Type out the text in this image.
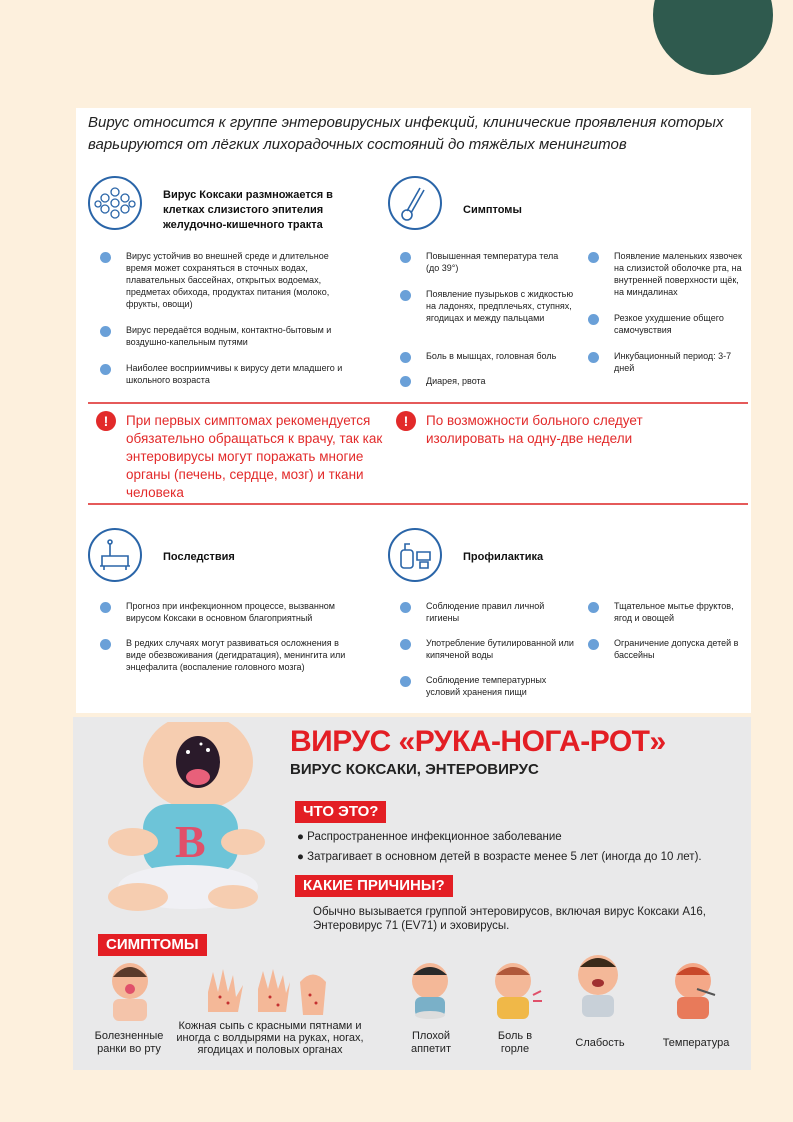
Вирус относится к группе энтеровирусных инфекций, клинические проявления которых варьируются от лёгких лихорадочных состояний до тяжёлых менингитов
Вирус Коксаки размножается в клетках слизистого эпителия желудочно-кишечного тракта
Вирус устойчив во внешней среде и длительное время может сохраняться в сточных водах, плавательных бассейнах, открытых водоемах, предметах обихода, продуктах питания (молоко, фрукты, овощи)
Вирус передаётся водным, контактно-бытовым и воздушно-капельным путями
Наиболее восприимчивы к вирусу дети младшего и школьного возраста
Симптомы
Повышенная температура тела (до 39°)
Появление пузырьков с жидкостью на ладонях, предплечьях, ступнях, ягодицах и между пальцами
Боль в мышцах, головная боль
Диарея, рвота
Появление маленьких язвочек на слизистой оболочке рта, на внутренней поверхности щёк, на миндалинах
Резкое ухудшение общего самочувствия
Инкубационный период: 3-7 дней
!	При первых симптомах рекомендуется обязательно обращаться к врачу, так как энтеровирусы могут поражать многие органы (печень, сердце, мозг) и ткани человека
!	По возможности больного следует изолировать на одну-две недели
Последствия
Прогноз при инфекционном процессе, вызванном вирусом Коксаки в основном благоприятный
В редких случаях могут развиваться осложнения в виде обезвоживания (дегидратация), менингита или энцефалита (воспаление головного мозга)
Профилактика
Соблюдение правил личной гигиены
Употребление бутилированной или кипяченой воды
Соблюдение температурных условий хранения пищи
Тщательное мытье фруктов, ягод и овощей
Ограничение допуска детей в бассейны
B
ВИРУС «РУКА-НОГА-РОТ»
ВИРУС КОКСАКИ, ЭНТЕРОВИРУС
ЧТО ЭТО?
● Распространенное инфекционное заболевание
● Затрагивает в основном детей в возрасте менее 5 лет (иногда до 10 лет).
КАКИЕ ПРИЧИНЫ?
Обычно вызывается группой энтеровирусов, включая вирус Коксаки А16, Энтеровирус 71 (EV71) и эховирусы.
СИМПТОМЫ
Болезненные ранки во рту
Кожная сыпь с красными пятнами и иногда с волдырями на руках, ногах, ягодицах и половых органах
Плохой аппетит
Боль в горле	Слабость	Температура
